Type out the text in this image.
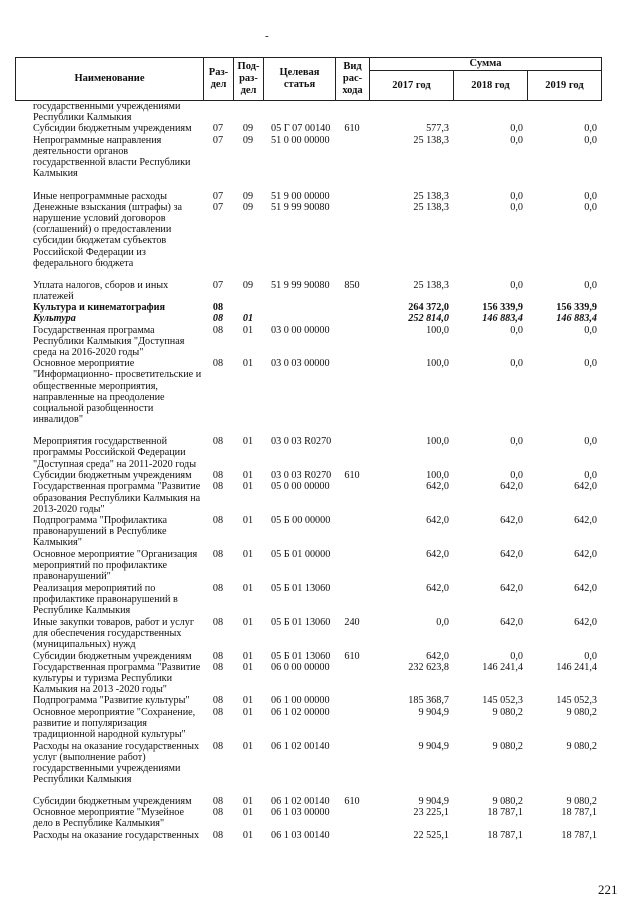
-
Наименование	Раз-дел	Под-раз-дел	Целевая статья	Вид рас-хода	Сумма		
					2017 год	2018 год	2019 год
государственными учреждениями Республики Калмыкия							
Субсидии бюджетным учреждениям	07	09	05 Г 07 00140	610	577,3	0,0	0,0
Непрограммные направления деятельности органов государственной власти Республики Калмыкия	07	09	51 0 00 00000		25 138,3	0,0	0,0
Иные непрограммные расходы	07	09	51 9 00 00000		25 138,3	0,0	0,0
Денежные взыскания (штрафы) за нарушение условий договоров (соглашений) о предоставлении субсидии бюджетам субъектов Российской Федерации из федерального бюджета	07	09	51 9 99 90080		25 138,3	0,0	0,0
Уплата налогов, сборов и иных платежей	07	09	51 9 99 90080	850	25 138,3	0,0	0,0
Культура и кинематография	08				264 372,0	156 339,9	156 339,9
Культура	08	01			252 814,0	146 883,4	146 883,4
Государственная программа Республики Калмыкия "Доступная среда на 2016-2020 годы"	08	01	03 0 00 00000		100,0	0,0	0,0
Основное мероприятие "Информационно- просветительские и общественные мероприятия, направленные на преодоление социальной разобщенности инвалидов"	08	01	03 0 03 00000		100,0	0,0	0,0
Мероприятия государственной программы Российской Федерации "Доступная среда" на 2011-2020 годы	08	01	03 0 03 R0270		100,0	0,0	0,0
Субсидии бюджетным учреждениям	08	01	03 0 03 R0270	610	100,0	0,0	0,0
Государственная программа "Развитие образования Республики Калмыкия на 2013-2020 годы"	08	01	05 0 00 00000		642,0	642,0	642,0
Подпрограмма "Профилактика правонарушений в Республике Калмыкия"	08	01	05 Б 00 00000		642,0	642,0	642,0
Основное мероприятие "Организация мероприятий по профилактике правонарушений"	08	01	05 Б 01 00000		642,0	642,0	642,0
Реализация мероприятий по профилактике правонарушений в Республике Калмыкия	08	01	05 Б 01 13060		642,0	642,0	642,0
Иные закупки товаров, работ и услуг для обеспечения государственных (муниципальных) нужд	08	01	05 Б 01 13060	240	0,0	642,0	642,0
Субсидии бюджетным учреждениям	08	01	05 Б 01 13060	610	642,0	0,0	0,0
Государственная программа "Развитие культуры и туризма Республики Калмыкия на 2013 -2020 годы"	08	01	06 0 00 00000		232 623,8	146 241,4	146 241,4
Подпрограмма "Развитие культуры"	08	01	06 1 00 00000		185 368,7	145 052,3	145 052,3
Основное мероприятие "Сохранение, развитие и популяризация традиционной народной культуры"	08	01	06 1 02 00000		9 904,9	9 080,2	9 080,2
Расходы на оказание государственных услуг (выполнение работ) государственными учреждениями Республики Калмыкия	08	01	06 1 02 00140		9 904,9	9 080,2	9 080,2
Субсидии бюджетным учреждениям	08	01	06 1 02 00140	610	9 904,9	9 080,2	9 080,2
Основное мероприятие "Музейное дело в Республике Калмыкия"	08	01	06 1 03 00000		23 225,1	18 787,1	18 787,1
Расходы на оказание государственных	08	01	06 1 03 00140		22 525,1	18 787,1	18 787,1
221
